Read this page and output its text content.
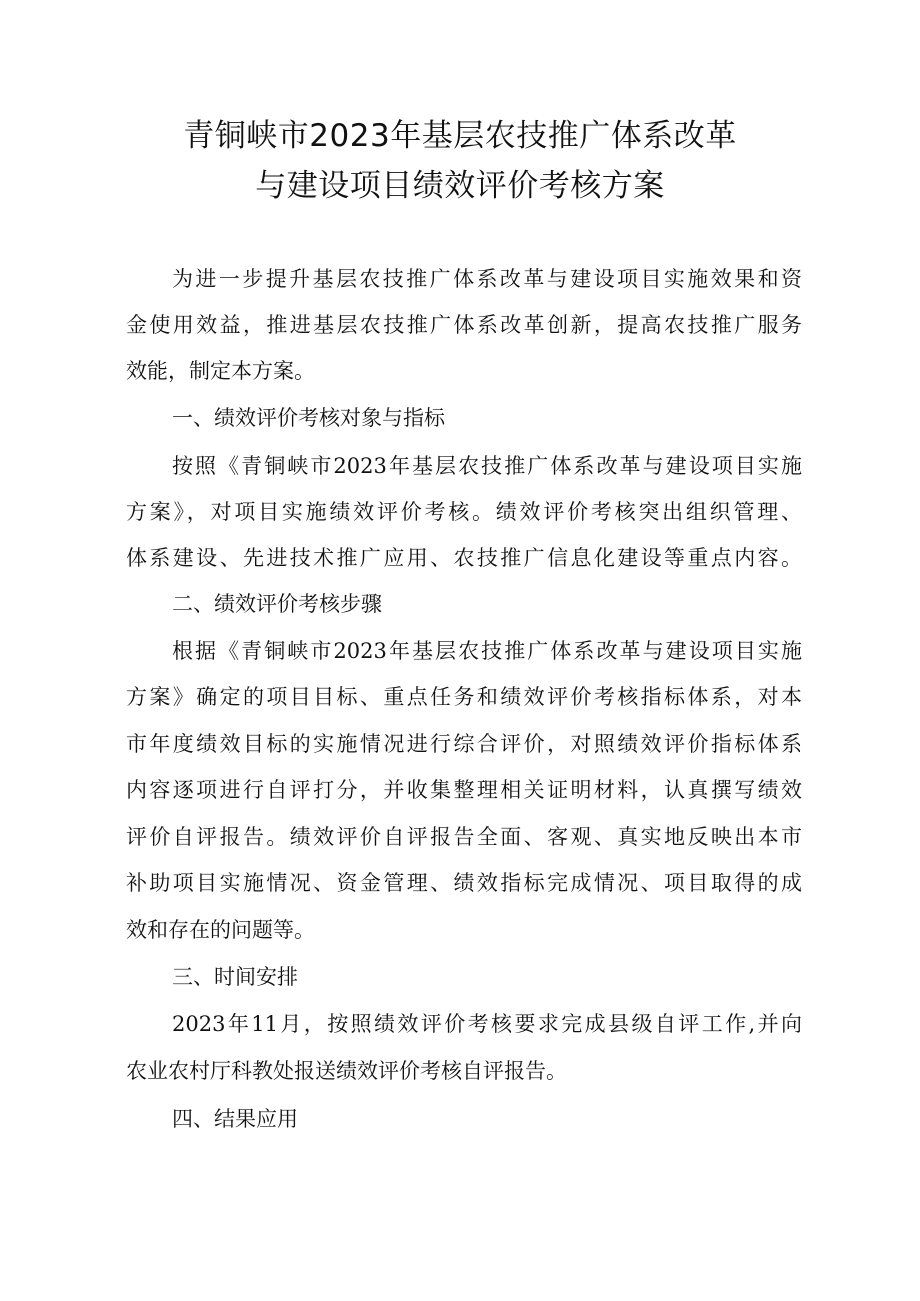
青铜峡市2023年基层农技推广体系改革
与建设项目绩效评价考核方案
为进一步提升基层农技推广体系改革与建设项目实施效果和资
金使用效益，推进基层农技推广体系改革创新，提高农技推广服务
效能，制定本方案。
一、绩效评价考核对象与指标
按照《青铜峡市2023年基层农技推广体系改革与建设项目实施
方案》，对项目实施绩效评价考核。绩效评价考核突出组织管理、
体系建设、先进技术推广应用、农技推广信息化建设等重点内容。
二、绩效评价考核步骤
根据《青铜峡市2023年基层农技推广体系改革与建设项目实施
方案》确定的项目目标、重点任务和绩效评价考核指标体系，对本
市年度绩效目标的实施情况进行综合评价，对照绩效评价指标体系
内容逐项进行自评打分，并收集整理相关证明材料，认真撰写绩效
评价自评报告。绩效评价自评报告全面、客观、真实地反映出本市
补助项目实施情况、资金管理、绩效指标完成情况、项目取得的成
效和存在的问题等。
三、时间安排
2023年11月，按照绩效评价考核要求完成县级自评工作,并向
农业农村厅科教处报送绩效评价考核自评报告。
四、结果应用
